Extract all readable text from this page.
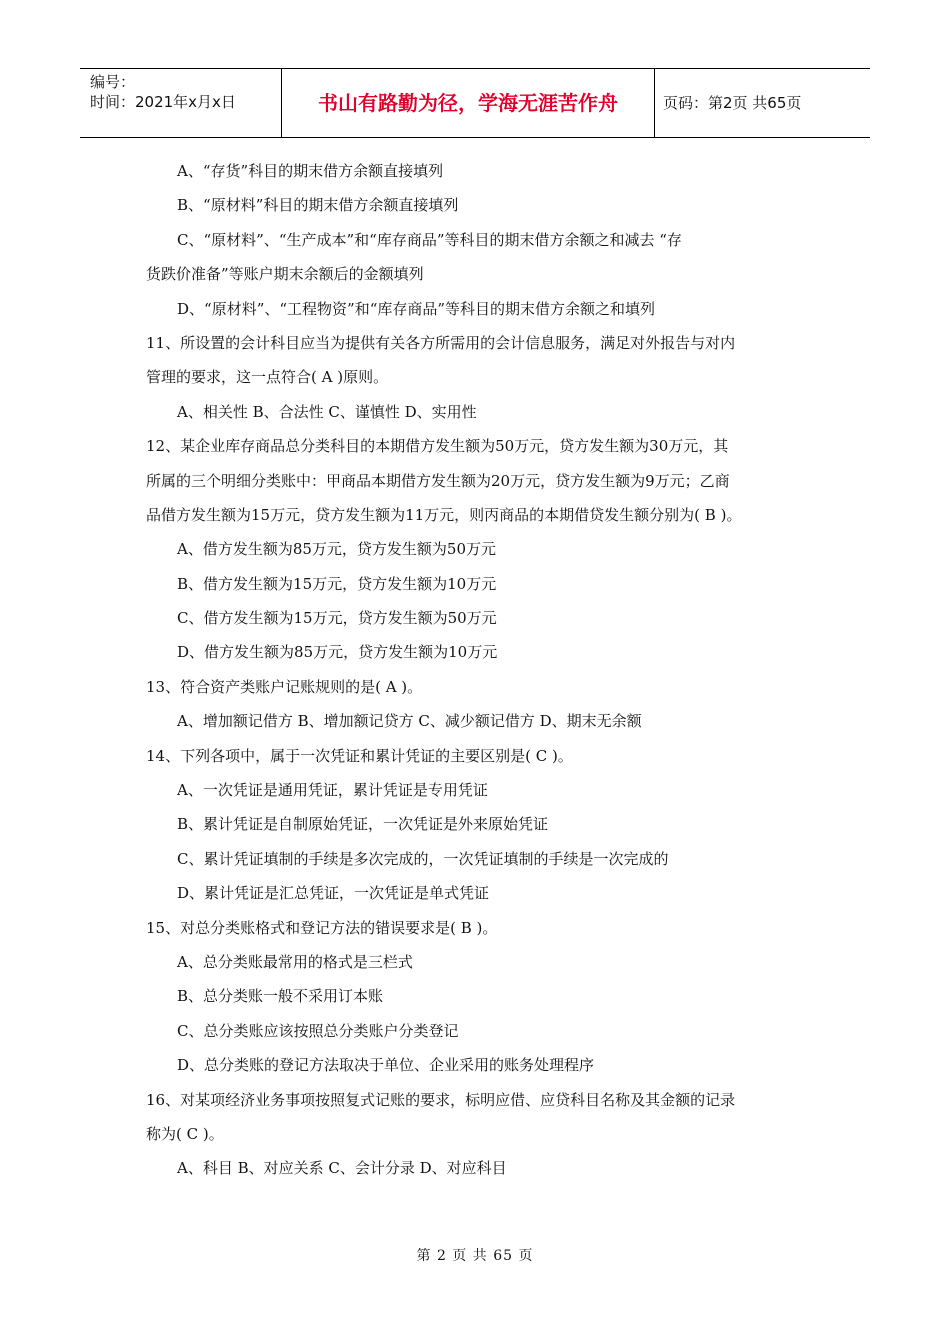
编号：
时间：2021年x月x日	书山有路勤为径，学海无涯苦作舟	页码：第2页 共65页
A、“存货”科目的期末借方余额直接填列
B、“原材料”科目的期末借方余额直接填列
C、“原材料”、“生产成本”和“库存商品”等科目的期末借方余额之和减去 “存
货跌价准备”等账户期末余额后的金额填列
D、“原材料”、“工程物资”和“库存商品”等科目的期末借方余额之和填列
11、所设置的会计科目应当为提供有关各方所需用的会计信息服务，满足对外报告与对内
管理的要求，这一点符合( A )原则。
A、相关性 B、合法性 C、谨慎性 D、实用性
12、某企业库存商品总分类科目的本期借方发生额为50万元，贷方发生额为30万元，其
所属的三个明细分类账中：甲商品本期借方发生额为20万元，贷方发生额为9万元；乙商
品借方发生额为15万元，贷方发生额为11万元，则丙商品的本期借贷发生额分别为( B )。
A、借方发生额为85万元，贷方发生额为50万元
B、借方发生额为15万元，贷方发生额为10万元
C、借方发生额为15万元，贷方发生额为50万元
D、借方发生额为85万元，贷方发生额为10万元
13、符合资产类账户记账规则的是( A )。
A、增加额记借方 B、增加额记贷方 C、减少额记借方 D、期末无余额
14、下列各项中，属于一次凭证和累计凭证的主要区别是( C )。
A、一次凭证是通用凭证，累计凭证是专用凭证
B、累计凭证是自制原始凭证，一次凭证是外来原始凭证
C、累计凭证填制的手续是多次完成的，一次凭证填制的手续是一次完成的
D、累计凭证是汇总凭证，一次凭证是单式凭证
15、对总分类账格式和登记方法的错误要求是( B )。
A、总分类账最常用的格式是三栏式
B、总分类账一般不采用订本账
C、总分类账应该按照总分类账户分类登记
D、总分类账的登记方法取决于单位、企业采用的账务处理程序
16、对某项经济业务事项按照复式记账的要求，标明应借、应贷科目名称及其金额的记录
称为( C )。
A、科目 B、对应关系 C、会计分录 D、对应科目
第 2 页 共 65 页
